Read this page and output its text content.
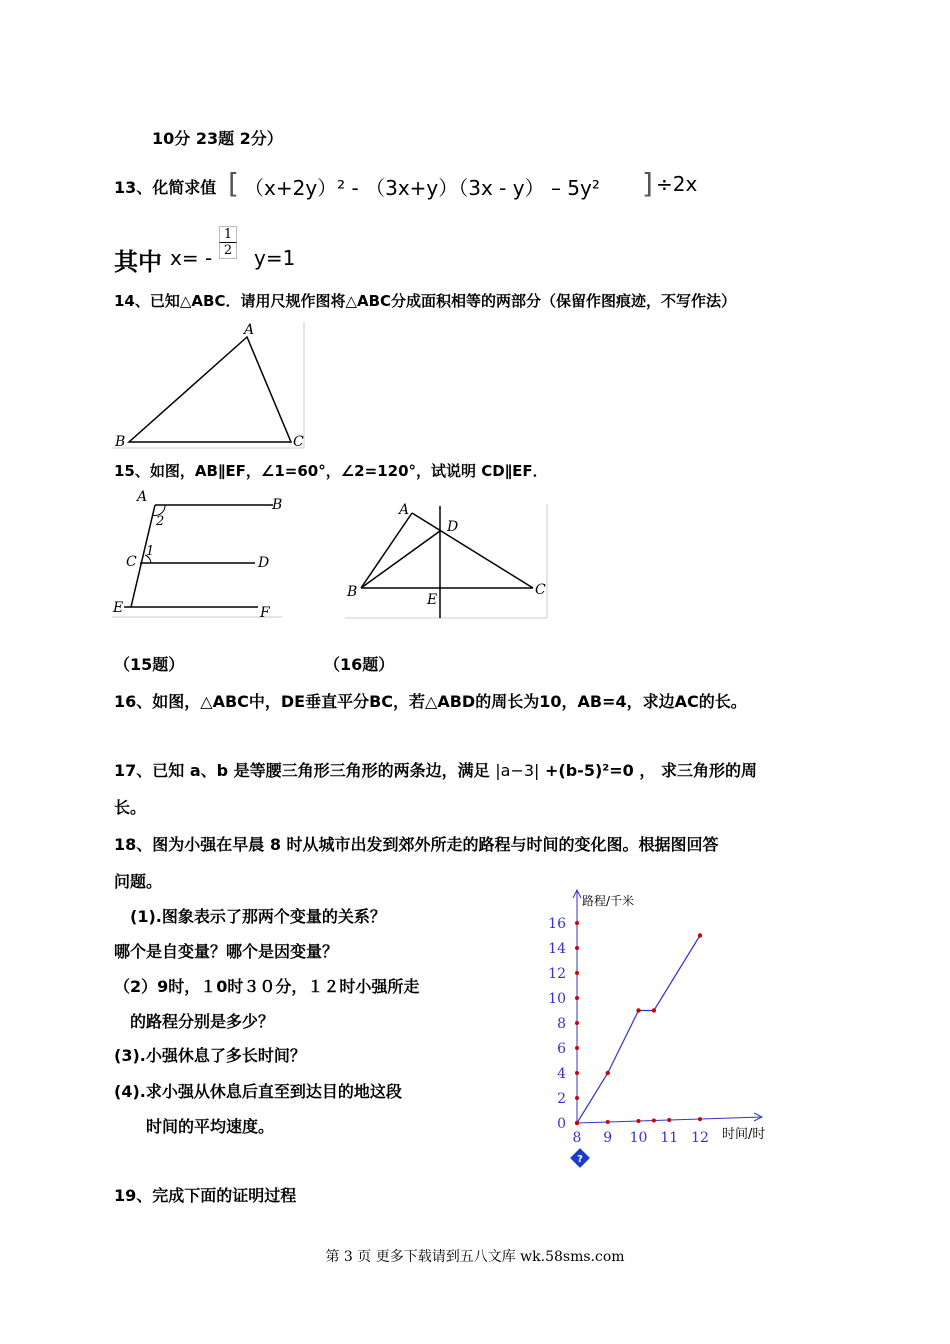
10分 23题 2分）
13、化简求值 [ （x+2y）² - （3x+y）（3x - y） – 5y² ] ÷2x
其中 $x= - \frac{1}{2} y=1$
14、已知△ABC．请用尺规作图将△ABC分成面积相等的两部分（保留作图痕迹，不写作法）
A
B	C
15、如图，AB∥EF，∠1=60°，∠2=120°，试说明 CD∥EF．
A	B
C	D
E	F
1
2
A
B	C
D
E
（15题）	（16题）
16、如图，△ABC中，DE垂直平分BC，若△ABD的周长为10，AB=4，求边AC的长。
17、已知 a、b 是等腰三角形三角形的两条边，满足 |a−3| +(b-5)²=0 ， 求三角形的周
长。
18、图为小强在早晨 8 时从城市出发到郊外所走的路程与时间的变化图。根据图回答
问题。
(1).图象表示了那两个变量的关系？
哪个是自变量？哪个是因变量？
（2）9时，１0时３０分，１２时小强所走
的路程分别是多少？
(3).小强休息了多长时间？
(4).求小强从休息后直至到达目的地这段
时间的平均速度。
路程/千米
时间/时
?
0
2
4
6
8
10
12
14
16
8 9 10 11 12
19、完成下面的证明过程
第 3 页 更多下载请到五八文库 wk.58sms.com
